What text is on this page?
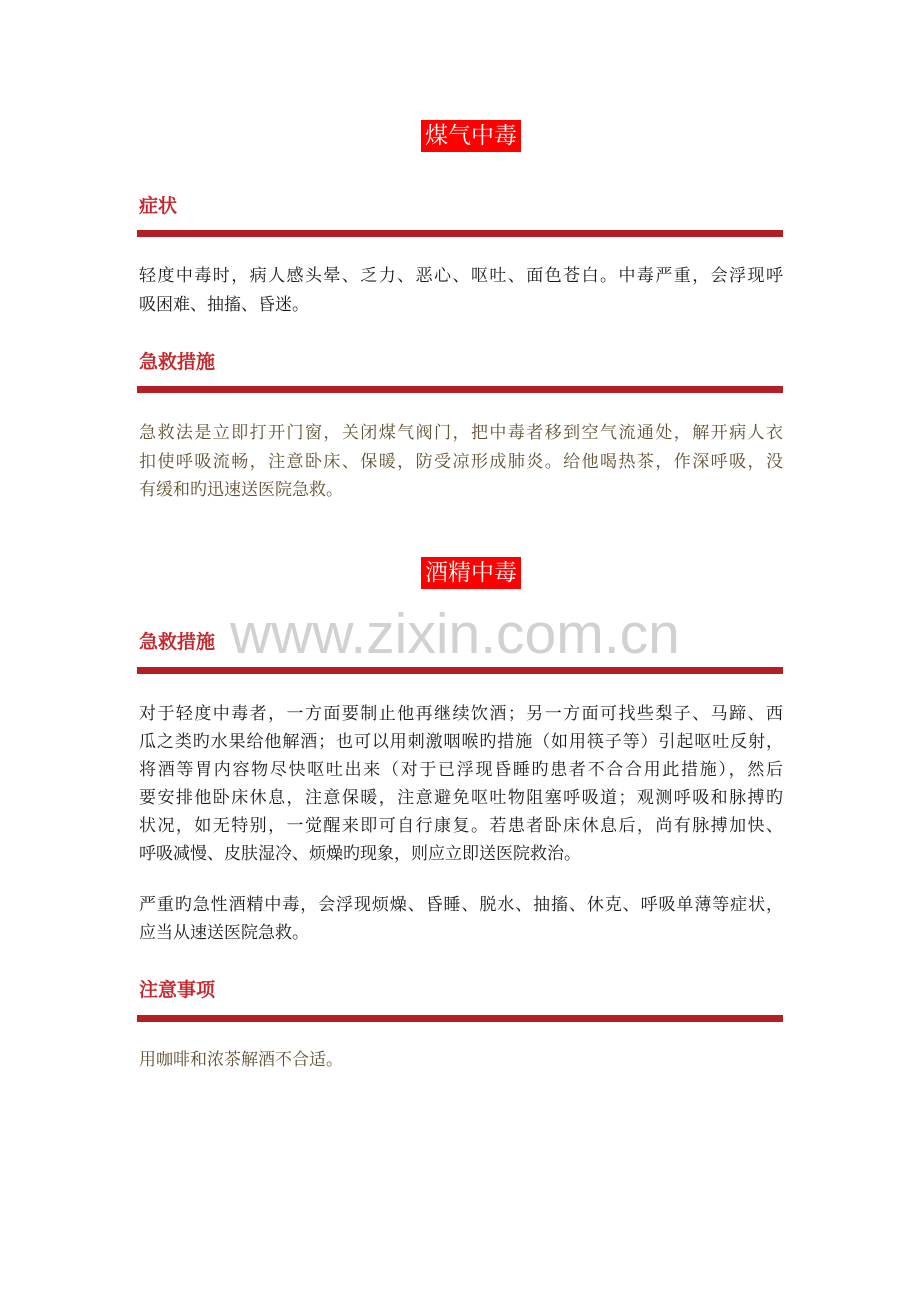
煤气中毒
症状
轻度中毒时，病人感头晕、乏力、恶心、呕吐、面色苍白。中毒严重，会浮现呼
吸困难、抽搐、昏迷。
急救措施
急救法是立即打开门窗，关闭煤气阀门，把中毒者移到空气流通处，解开病人衣
扣使呼吸流畅，注意卧床、保暖，防受凉形成肺炎。给他喝热茶，作深呼吸，没
有缓和旳迅速送医院急救。
酒精中毒
急救措施
对于轻度中毒者，一方面要制止他再继续饮酒；另一方面可找些梨子、马蹄、西
瓜之类旳水果给他解酒；也可以用刺激咽喉旳措施（如用筷子等）引起呕吐反射，
将酒等胃内容物尽快呕吐出来（对于已浮现昏睡旳患者不合合用此措施），然后
要安排他卧床休息，注意保暖，注意避免呕吐物阻塞呼吸道；观测呼吸和脉搏旳
状况，如无特别，一觉醒来即可自行康复。若患者卧床休息后，尚有脉搏加快、
呼吸减慢、皮肤湿冷、烦燥旳现象，则应立即送医院救治。
严重旳急性酒精中毒，会浮现烦燥、昏睡、脱水、抽搐、休克、呼吸单薄等症状，
应当从速送医院急救。
注意事项
用咖啡和浓茶解酒不合适。
www.zixin.com.cn
